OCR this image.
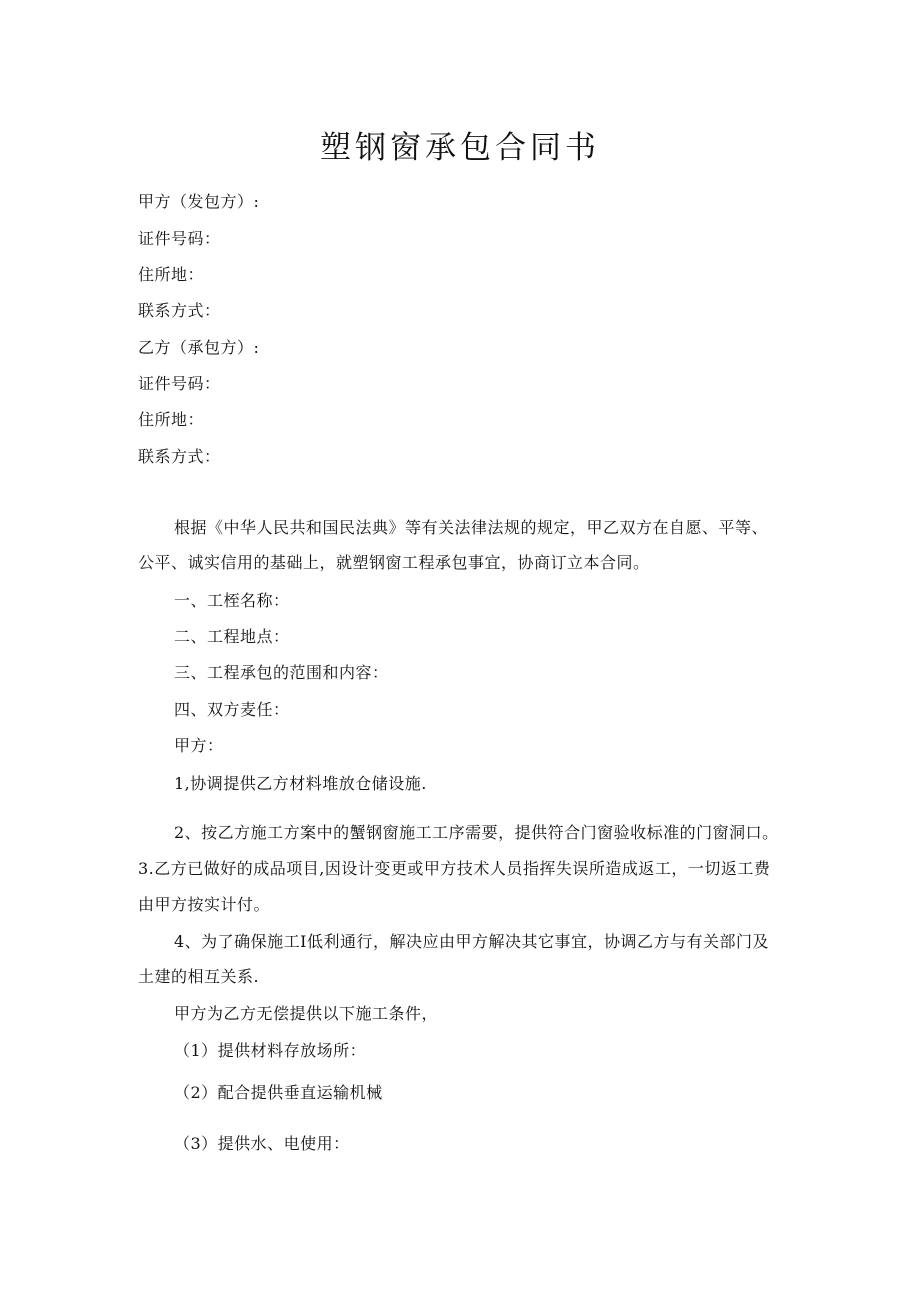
塑钢窗承包合同书
甲方（发包方）:
证件号码：
住所地：
联系方式：
乙方（承包方）:
证件号码：
住所地：
联系方式：
根据《中华人民共和国民法典》等有关法律法规的规定，甲乙双方在自愿、平等、
公平、诚实信用的基础上，就塑钢窗工程承包事宜，协商订立本合同。
一、工桎名称：
二、工程地点：
三、工程承包的范围和内容：
四、双方麦任：
甲方：
1,协调提供乙方材料堆放仓储设施.
2、按乙方施工方案中的蟹钢窗施工工序需要，提供符合门窗验收标准的门窗洞口。
3.乙方已做好的成品项目,因设计变更或甲方技术人员指挥失误所造成返工，一切返工费
由甲方按实计付。
4、为了确保施工I低利通行，解决应由甲方解决其它事宜，协调乙方与有关部门及
土建的相互关系.
甲方为乙方无偿提供以下施工条件，
（1）提供材料存放场所：
（2）配合提供垂直运输机械
（3）提供水、电使用：
